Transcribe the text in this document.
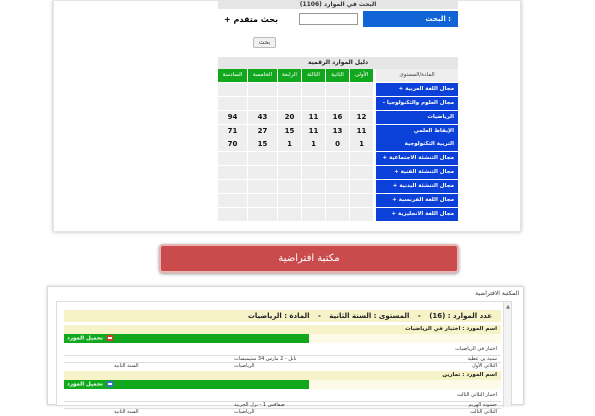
البحث في الموارد (1106)
البحث :
+ بحث متقدم
بحث
دليل الموارد الرقمية
السادسة	الخامسة	الرابعة	الثالثة	الثانية	الأولى	المادة/المستوى
+ مجال اللغة العربية
- مجال العلوم والتكنولوجيا
94	43	20	11	16	12	الرياضيات
71	27	15	11	13	11	الإيقاظ العلمي
70	15	1	1	0	1	التربية التكنولوجية
+ مجال التنشئة الاجتماعية
+ مجال التنشئة الفنية
+ مجال التنشئة البدنية
+ مجال اللغة الفرنسية
+ مجال اللغة الانجليزية
مكتبة افتراضية
المكتبة الافتراضية
▲
عدد الموارد : (16) - المستوى : السنة الثانية - المادة : الرياضيات
اسم المورد : اختبار في الرياضيات
تحميل المورد
اختبار في الرياضيات
سنية بن عطية
نابل - 2 مارس 34 ستيمبسات
الثلاثي الأول
الرياضيات
السنة الثانية
اسم المورد : تمارين
تحميل المورد
اختبار الثلاثي الثالث
حسونة الهزيم
صفاقس 1 - نزل الجربية
الثلاثي الثالث
الرياضيات
السنة الثانية
